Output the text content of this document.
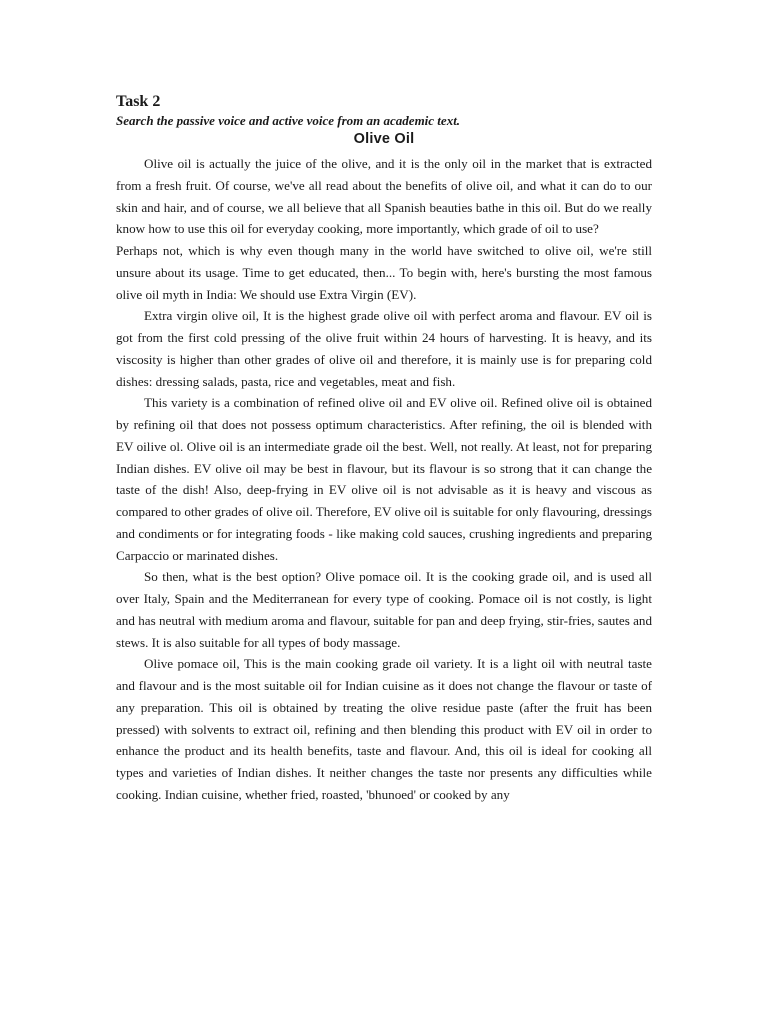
Task 2

Search the passive voice and active voice from an academic text.

Olive Oil

Olive oil is actually the juice of the olive, and it is the only oil in the market that is extracted from a fresh fruit. Of course, we've all read about the benefits of olive oil, and what it can do to our skin and hair, and of course, we all believe that all Spanish beauties bathe in this oil. But do we really know how to use this oil for everyday cooking, more importantly, which grade of oil to use?

Perhaps not, which is why even though many in the world have switched to olive oil, we're still unsure about its usage. Time to get educated, then... To begin with, here's bursting the most famous olive oil myth in India: We should use Extra Virgin (EV).

Extra virgin olive oil, It is the highest grade olive oil with perfect aroma and flavour. EV oil is got from the first cold pressing of the olive fruit within 24 hours of harvesting. It is heavy, and its viscosity is higher than other grades of olive oil and therefore, it is mainly use is for preparing cold dishes: dressing salads, pasta, rice and vegetables, meat and fish.

This variety is a combination of refined olive oil and EV olive oil. Refined olive oil is obtained by refining oil that does not possess optimum characteristics. After refining, the oil is blended with EV oilive ol. Olive oil is an intermediate grade oil the best. Well, not really. At least, not for preparing Indian dishes. EV olive oil may be best in flavour, but its flavour is so strong that it can change the taste of the dish! Also, deep-frying in EV olive oil is not advisable as it is heavy and viscous as compared to other grades of olive oil. Therefore, EV olive oil is suitable for only flavouring, dressings and condiments or for integrating foods - like making cold sauces, crushing ingredients and preparing Carpaccio or marinated dishes.

So then, what is the best option? Olive pomace oil. It is the cooking grade oil, and is used all over Italy, Spain and the Mediterranean for every type of cooking. Pomace oil is not costly, is light and has neutral with medium aroma and flavour, suitable for pan and deep frying, stir-fries, sautes and stews. It is also suitable for all types of body massage.

Olive pomace oil, This is the main cooking grade oil variety. It is a light oil with neutral taste and flavour and is the most suitable oil for Indian cuisine as it does not change the flavour or taste of any preparation. This oil is obtained by treating the olive residue paste (after the fruit has been pressed) with solvents to extract oil, refining and then blending this product with EV oil in order to enhance the product and its health benefits, taste and flavour. And, this oil is ideal for cooking all types and varieties of Indian dishes. It neither changes the taste nor presents any difficulties while cooking. Indian cuisine, whether fried, roasted, 'bhunoed' or cooked by any
